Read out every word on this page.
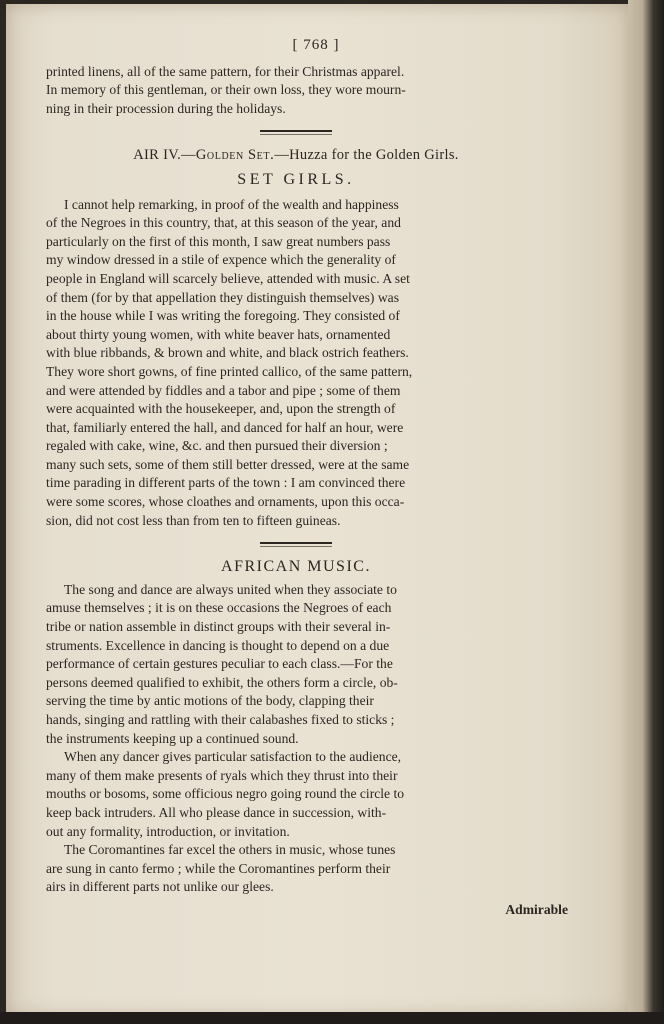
[ 768 ]

printed linens, all of the same pattern, for their Christmas apparel.

In memory of this gentleman, or their own loss, they wore mourn-

ning in their procession during the holidays.

AIR IV.—Golden Set.—Huzza for the Golden Girls.
SET GIRLS.

I cannot help remarking, in proof of the wealth and happiness

of the Negroes in this country, that, at this season of the year, and

particularly on the first of this month, I saw great numbers pass

my window dressed in a stile of expence which the generality of

people in England will scarcely believe, attended with music. A set

of them (for by that appellation they distinguish themselves) was

in the house while I was writing the foregoing. They consisted of

about thirty young women, with white beaver hats, ornamented

with blue ribbands, & brown and white, and black ostrich feathers.

They wore short gowns, of fine printed callico, of the same pattern,

and were attended by fiddles and a tabor and pipe ; some of them

were acquainted with the housekeeper, and, upon the strength of

that, familiarly entered the hall, and danced for half an hour, were

regaled with cake, wine, &c. and then pursued their diversion ;

many such sets, some of them still better dressed, were at the same

time parading in different parts of the town : I am convinced there

were some scores, whose cloathes and ornaments, upon this occa-

sion, did not cost less than from ten to fifteen guineas.

AFRICAN MUSIC.

The song and dance are always united when they associate to

amuse themselves ; it is on these occasions the Negroes of each

tribe or nation assemble in distinct groups with their several in-

struments. Excellence in dancing is thought to depend on a due

performance of certain gestures peculiar to each class.—For the

persons deemed qualified to exhibit, the others form a circle, ob-

serving the time by antic motions of the body, clapping their

hands, singing and rattling with their calabashes fixed to sticks ;

the instruments keeping up a continued sound.

When any dancer gives particular satisfaction to the audience,

many of them make presents of ryals which they thrust into their

mouths or bosoms, some officious negro going round the circle to

keep back intruders. All who please dance in succession, with-

out any formality, introduction, or invitation.

The Coromantines far excel the others in music, whose tunes

are sung in canto fermo ; while the Coromantines perform their

airs in different parts not unlike our glees.

Admirable
